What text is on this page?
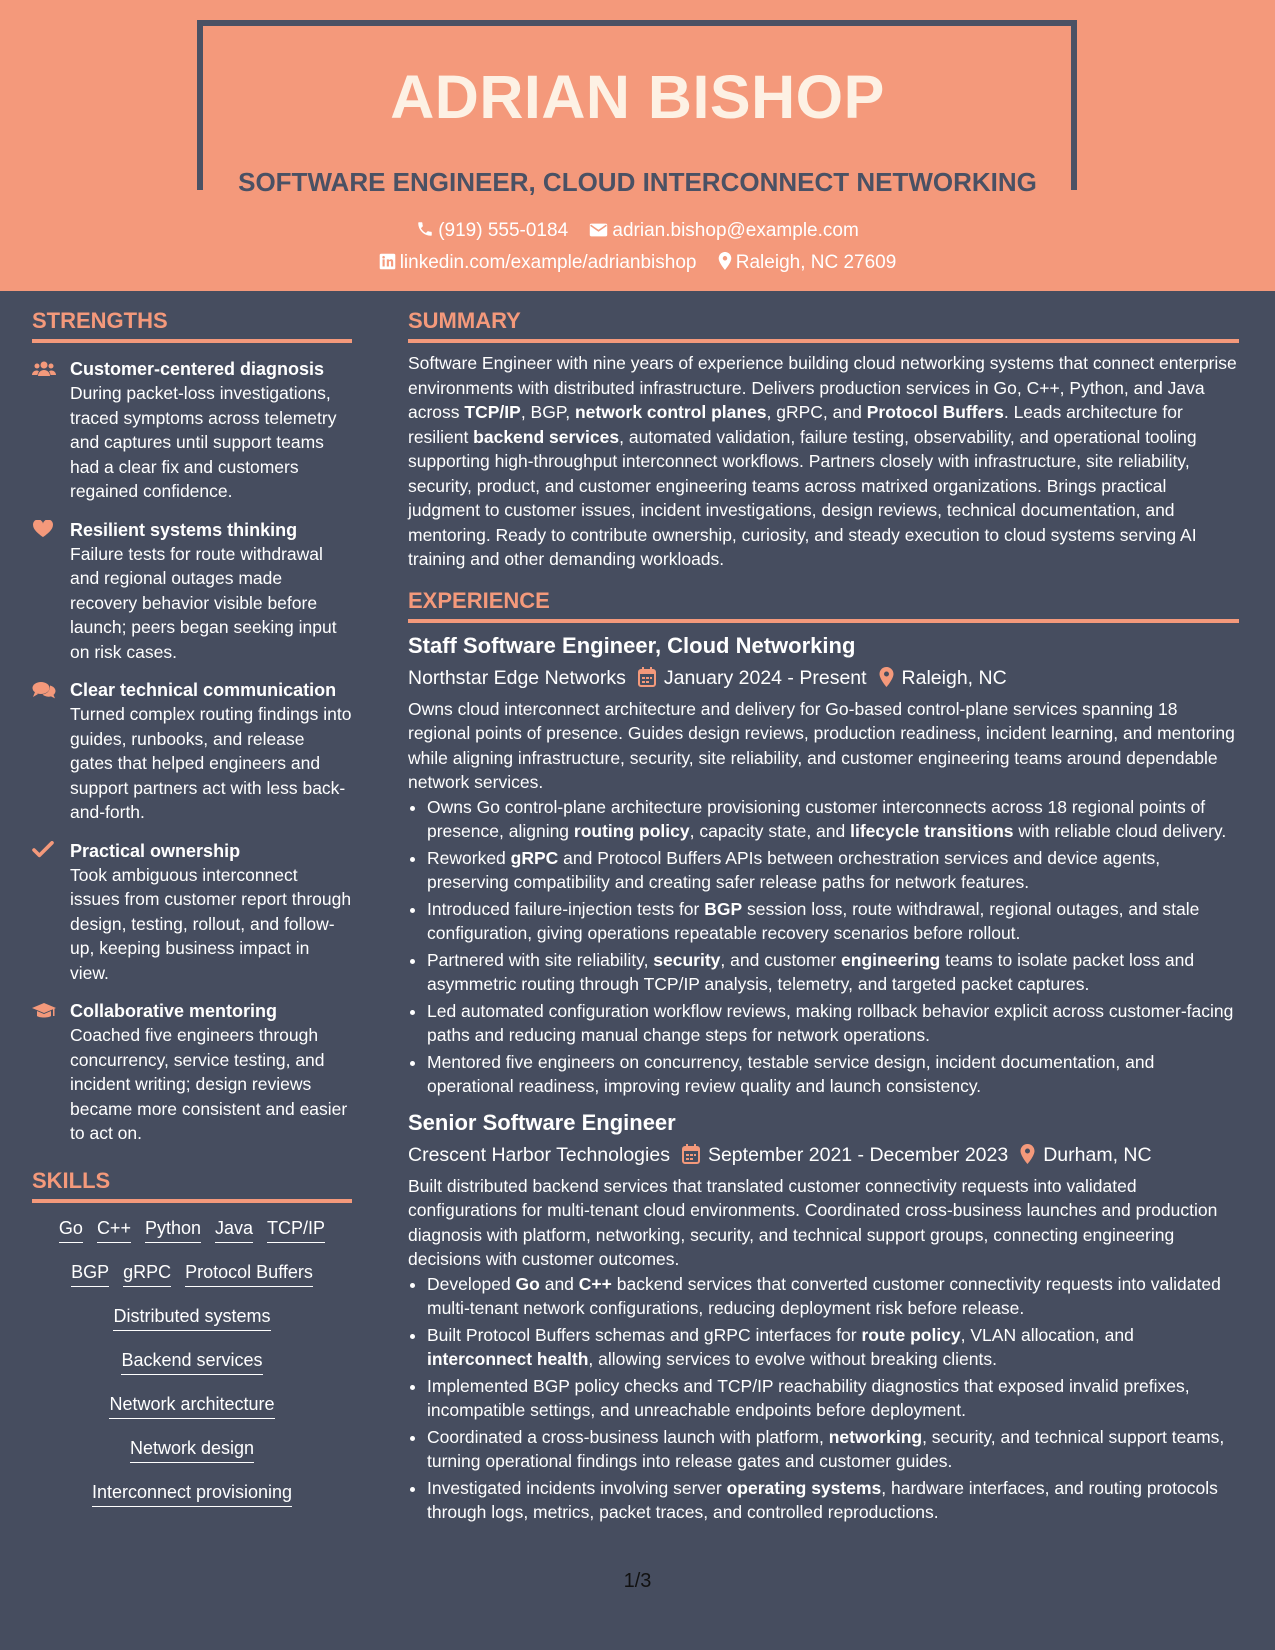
ADRIAN BISHOP
SOFTWARE ENGINEER, CLOUD INTERCONNECT NETWORKING
(919) 555-0184 adrian.bishop@example.com
linkedin.com/example/adrianbishop Raleigh, NC 27609
STRENGTHS
Customer-centered diagnosis
During packet-loss investigations, traced symptoms across telemetry and captures until support teams had a clear fix and customers regained confidence.
Resilient systems thinking
Failure tests for route withdrawal and regional outages made recovery behavior visible before launch; peers began seeking input on risk cases.
Clear technical communication
Turned complex routing findings into guides, runbooks, and release gates that helped engineers and support partners act with less back-and-forth.
Practical ownership
Took ambiguous interconnect issues from customer report through design, testing, rollout, and follow-up, keeping business impact in view.
Collaborative mentoring
Coached five engineers through concurrency, service testing, and incident writing; design reviews became more consistent and easier to act on.
SKILLS
Go C++ Python Java TCP/IP
BGP gRPC Protocol Buffers
Distributed systems
Backend services
Network architecture
Network design
Interconnect provisioning
SUMMARY
Software Engineer with nine years of experience building cloud networking systems that connect enterprise environments with distributed infrastructure. Delivers production services in Go, C++, Python, and Java across TCP/IP, BGP, network control planes, gRPC, and Protocol Buffers. Leads architecture for resilient backend services, automated validation, failure testing, observability, and operational tooling supporting high-throughput interconnect workflows. Partners closely with infrastructure, site reliability, security, product, and customer engineering teams across matrixed organizations. Brings practical judgment to customer issues, incident investigations, design reviews, technical documentation, and mentoring. Ready to contribute ownership, curiosity, and steady execution to cloud systems serving AI training and other demanding workloads.
EXPERIENCE
Staff Software Engineer, Cloud Networking
Northstar Edge Networks January 2024 - Present Raleigh, NC
Owns cloud interconnect architecture and delivery for Go-based control-plane services spanning 18 regional points of presence. Guides design reviews, production readiness, incident learning, and mentoring while aligning infrastructure, security, site reliability, and customer engineering teams around dependable network services.
• Owns Go control-plane architecture provisioning customer interconnects across 18 regional points of presence, aligning routing policy, capacity state, and lifecycle transitions with reliable cloud delivery.
• Reworked gRPC and Protocol Buffers APIs between orchestration services and device agents, preserving compatibility and creating safer release paths for network features.
• Introduced failure-injection tests for BGP session loss, route withdrawal, regional outages, and stale configuration, giving operations repeatable recovery scenarios before rollout.
• Partnered with site reliability, security, and customer engineering teams to isolate packet loss and asymmetric routing through TCP/IP analysis, telemetry, and targeted packet captures.
• Led automated configuration workflow reviews, making rollback behavior explicit across customer-facing paths and reducing manual change steps for network operations.
• Mentored five engineers on concurrency, testable service design, incident documentation, and operational readiness, improving review quality and launch consistency.
Senior Software Engineer
Crescent Harbor Technologies September 2021 - December 2023 Durham, NC
Built distributed backend services that translated customer connectivity requests into validated configurations for multi-tenant cloud environments. Coordinated cross-business launches and production diagnosis with platform, networking, security, and technical support groups, connecting engineering decisions with customer outcomes.
• Developed Go and C++ backend services that converted customer connectivity requests into validated multi-tenant network configurations, reducing deployment risk before release.
• Built Protocol Buffers schemas and gRPC interfaces for route policy, VLAN allocation, and interconnect health, allowing services to evolve without breaking clients.
• Implemented BGP policy checks and TCP/IP reachability diagnostics that exposed invalid prefixes, incompatible settings, and unreachable endpoints before deployment.
• Coordinated a cross-business launch with platform, networking, security, and technical support teams, turning operational findings into release gates and customer guides.
• Investigated incidents involving server operating systems, hardware interfaces, and routing protocols through logs, metrics, packet traces, and controlled reproductions.
1/3
